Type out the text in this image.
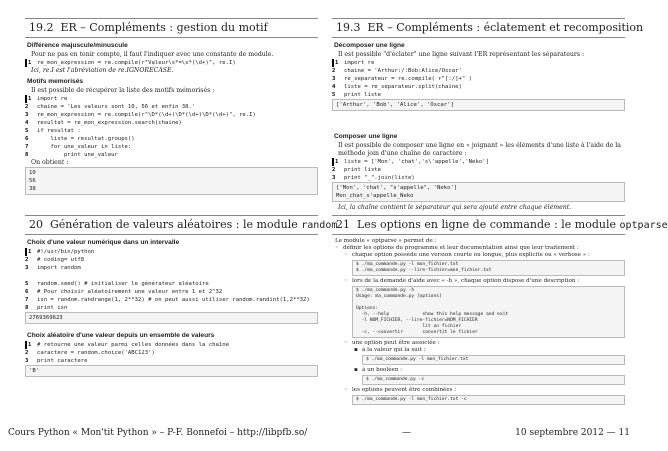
19.2 ER – Compléments : gestion du motif
Différence majuscule/minuscule
Pour ne pas en tenir compte, il faut l'indiquer avec une constante de module.
1	re_mon_expression = re.compile(r"Valeur\s*=\s*(\d+)", re.I)
Ici, re.I est l'abréviation de re.IGNORECASE.
Motifs memorisés
Il est possible de récupérer la liste des motifs mémorisés :
1	import re
2	chaine = 'Les valeurs sont 10, 56 et enfin 38.'
3	re_mon_expression = re.compile(r"\D*(\d+)\D*(\d+)\D*(\d+)", re.I)
4	resultat = re_mon_expression.search(chaine)
5	if resultat :
6	liste = resultat.groups()
7	for une_valeur in liste:
8	print une_valeur
On obtient :
10
56
38
20 Génération de valeurs aléatoires : le module random
Choix d'une valeur numérique dans un intervalle
1	#!/usr/bin/python
2	# coding= utf8
3	import random
5	random.seed() # initialiser le générateur aléatoire
6	# Pour choisir aléatoirement une valeur entre 1 et 2^32
7	isn = random.randrange(1, 2**32) # on peut aussi utiliser random.randint(1,2**32)
8	print isn
2769369623
Choix aléatoire d'une valeur depuis un ensemble de valeurs
1	# retourne une valeur parmi celles données dans la chaîne
2	caractere = random.choice('ABC123')
3	print caractere
'B'
19.3 ER – Compléments : éclatement et recomposition
Décomposer une ligne
Il est possible "d'éclater" une ligne suivant l'ER représentant les séparateurs :
1	import re
2	chaine = 'Arthur:/:Bob:Alice/Oscar'
3	re_separateur = re.compile( r"[:/]+" )
4	liste = re_separateur.split(chaine)
5	print liste
['Arthur', 'Bob', 'Alice', 'Oscar']
Composer une ligne
Il est possible de composer une ligne en « joignant » les éléments d'une liste à l'aide de la
méthode join d'une chaîne de caractère :
1	liste = ['Mon', 'chat','s\'appelle','Neko']
2	print liste
3	print "_".join(liste)
['Mon', 'chat', "s'appelle", 'Neko']
Mon_chat_s'appelle_Neko
Ici, la chaîne contient le séparateur qui sera ajouté entre chaque élément.
21 Les options en ligne de commande : le module optparse
Le module « optparse » permet de :
◦ définir les options du programme et leur documentation ainsi que leur traitement :
◦ chaque option possède une version courte ou longue, plus explicite ou « verbose » :
$ ./ma_commande.py -l mon_fichier.txt
$ ./ma_commande.py --lire-fichier=mon_fichier.txt
◦ lors de la demande d'aide avec « -h », chaque option dispose d'une description :
$ ./ma_commande.py -h
Usage: ma_commande.py [options]

Options:
-h, --help            show this help message and exit
-l NOM_FICHIER, --lire-fichier=NOM_FICHIER
lit un fichier
-c, --convertir       convertit le fichier
◦ une option peut être associée :
▪ à la valeur qui la suit :
$ ./ma_commande.py -l mon_fichier.txt
▪ à un booléen :
$ ./ma_commande.py -c
◦ les options peuvent être combinées :
$ ./ma_commande.py -l mon_fichier.txt -c
Cours Python « Mon'tit Python » – P-F. Bonnefoi – http://libpfb.so/	—	10 septembre 2012 — 11
